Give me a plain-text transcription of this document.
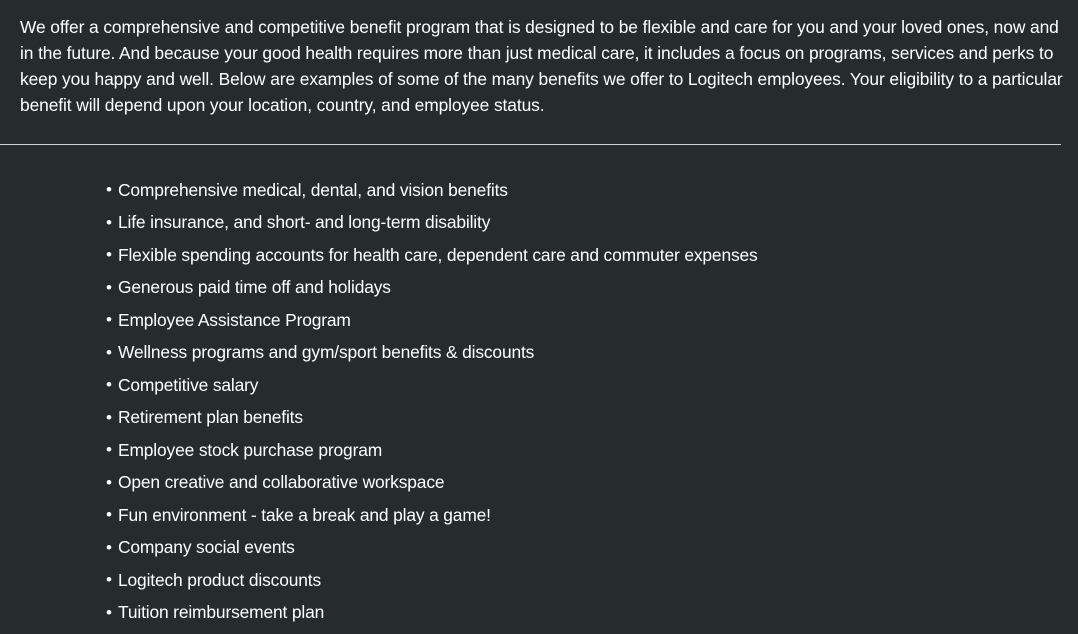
We offer a comprehensive and competitive benefit program that is designed to be flexible and care for you and your loved ones, now and in the future. And because your good health requires more than just medical care, it includes a focus on programs, services and perks to keep you happy and well. Below are examples of some of the many benefits we offer to Logitech employees. Your eligibility to a particular benefit will depend upon your location, country, and employee status.

• Comprehensive medical, dental, and vision benefits
• Life insurance, and short- and long-term disability
• Flexible spending accounts for health care, dependent care and commuter expenses
• Generous paid time off and holidays
• Employee Assistance Program
• Wellness programs and gym/sport benefits & discounts
• Competitive salary
• Retirement plan benefits
• Employee stock purchase program
• Open creative and collaborative workspace
• Fun environment - take a break and play a game!
• Company social events
• Logitech product discounts
• Tuition reimbursement plan
